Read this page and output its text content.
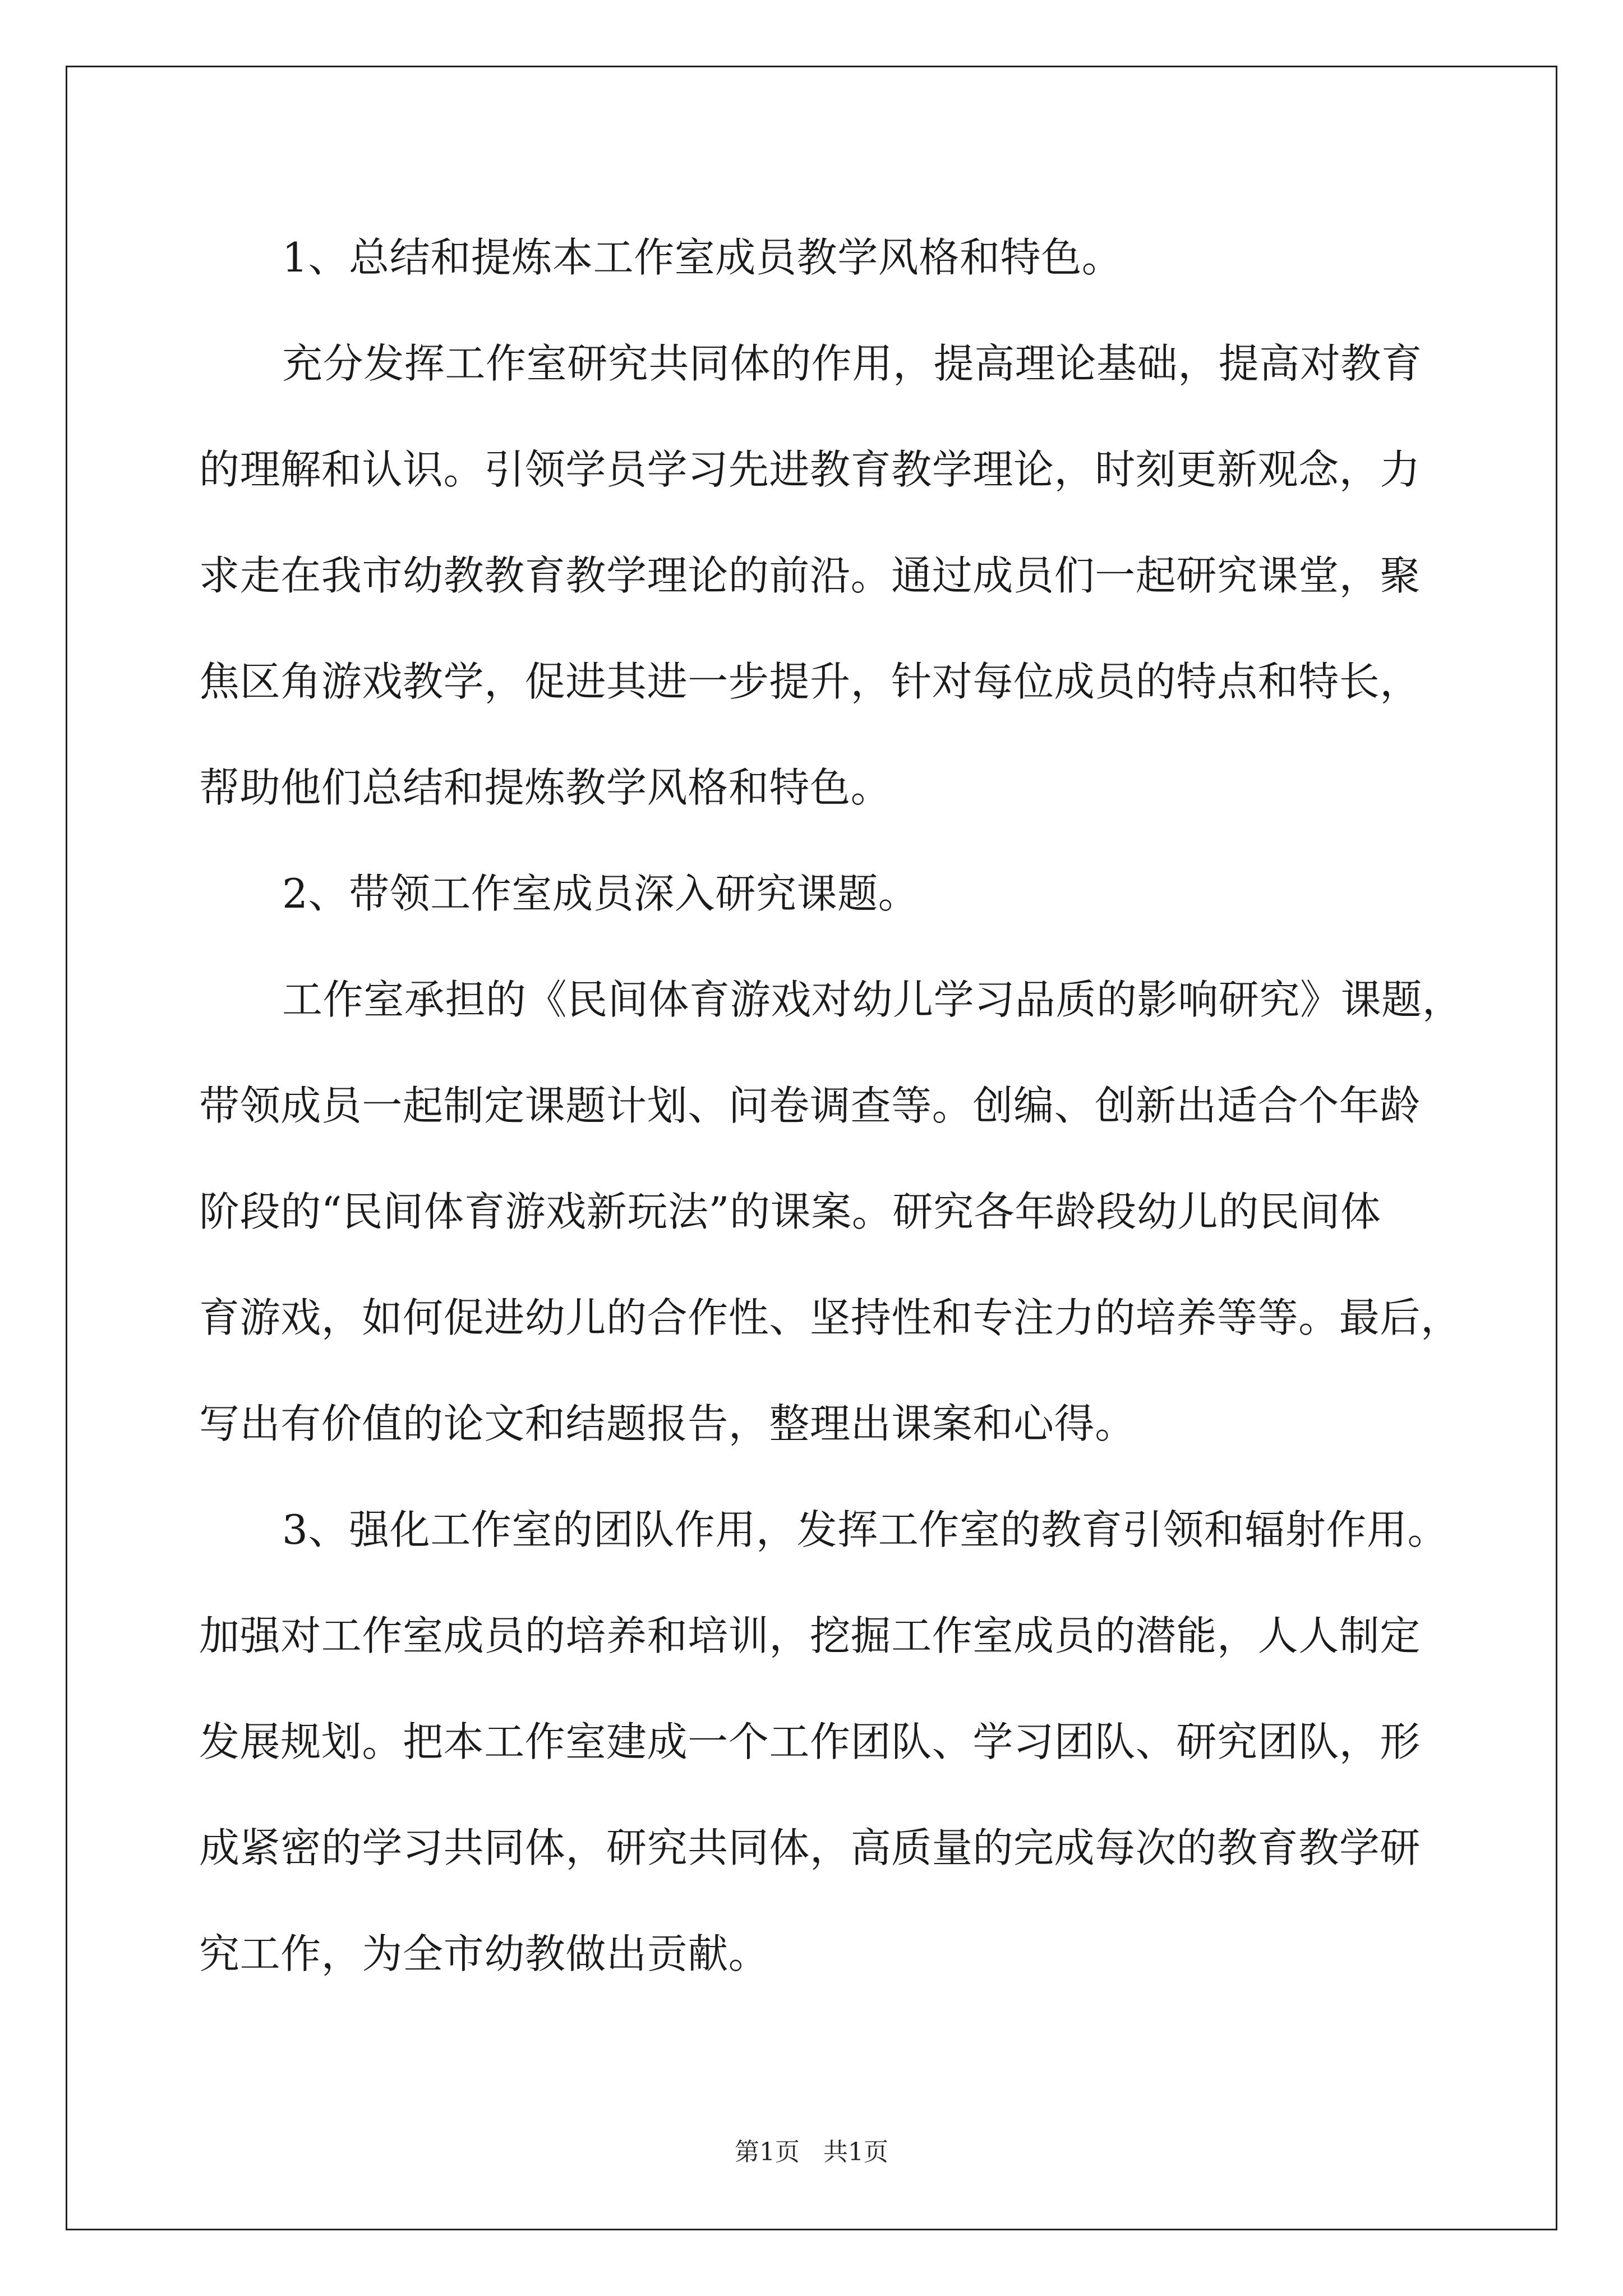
1、总结和提炼本工作室成员教学风格和特色。
充分发挥工作室研究共同体的作用，提高理论基础，提高对教育
的理解和认识。引领学员学习先进教育教学理论，时刻更新观念，力
求走在我市幼教教育教学理论的前沿。通过成员们一起研究课堂，聚
焦区角游戏教学，促进其进一步提升，针对每位成员的特点和特长，
帮助他们总结和提炼教学风格和特色。
2、带领工作室成员深入研究课题。
工作室承担的《民间体育游戏对幼儿学习品质的影响研究》课题，
带领成员一起制定课题计划、问卷调查等。创编、创新出适合个年龄
阶段的“民间体育游戏新玩法”的课案。研究各年龄段幼儿的民间体
育游戏，如何促进幼儿的合作性、坚持性和专注力的培养等等。最后，
写出有价值的论文和结题报告，整理出课案和心得。
3、强化工作室的团队作用，发挥工作室的教育引领和辐射作用。
加强对工作室成员的培养和培训，挖掘工作室成员的潜能，人人制定
发展规划。把本工作室建成一个工作团队、学习团队、研究团队，形
成紧密的学习共同体，研究共同体，高质量的完成每次的教育教学研
究工作，为全市幼教做出贡献。
第1页   共1页
